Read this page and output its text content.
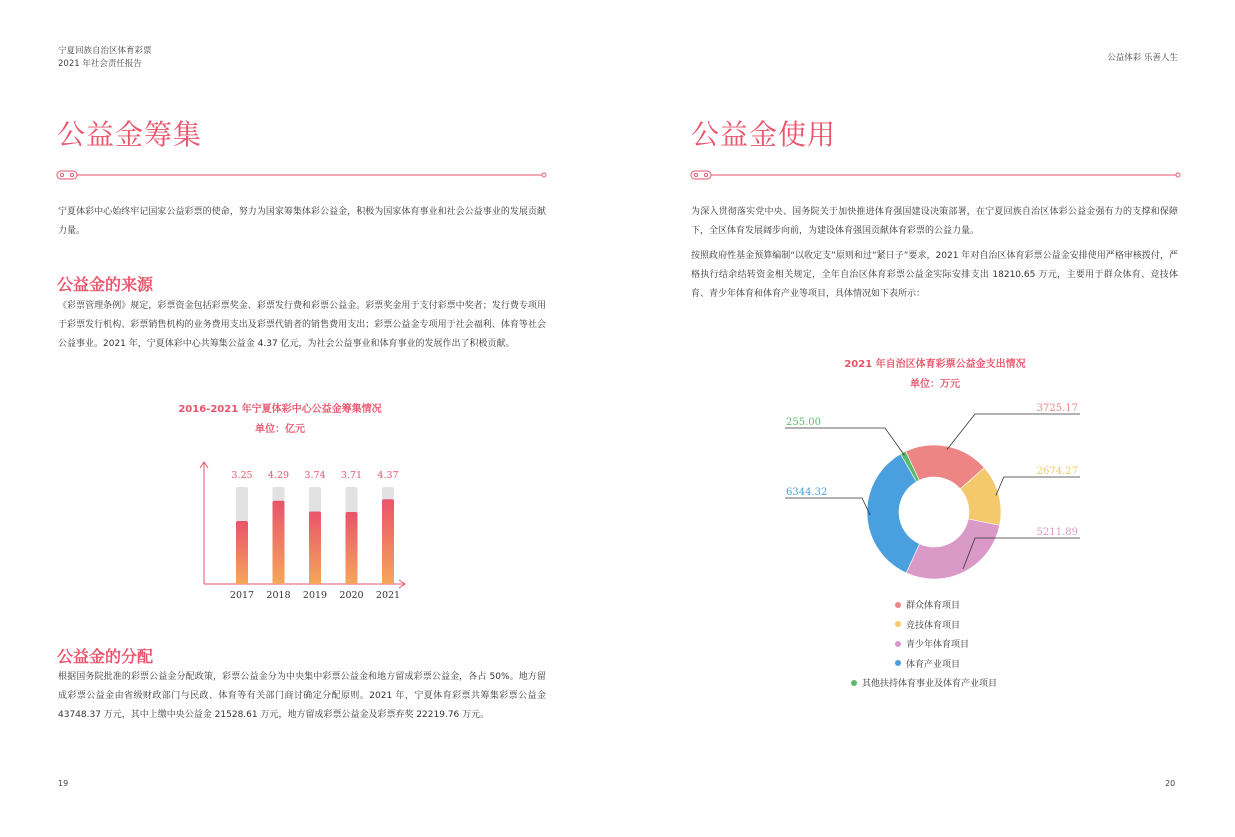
宁夏回族自治区体育彩票
2021 年社会责任报告
公益金筹集
宁夏体彩中心始终牢记国家公益彩票的使命，努力为国家筹集体彩公益金，积极为国家体育事业和社会公益事业的发展贡献力量。
公益金的来源
《彩票管理条例》规定，彩票资金包括彩票奖金、彩票发行费和彩票公益金。彩票奖金用于支付彩票中奖者；发行费专项用于彩票发行机构、彩票销售机构的业务费用支出及彩票代销者的销售费用支出；彩票公益金专项用于社会福利、体育等社会公益事业。2021 年，宁夏体彩中心共筹集公益金 4.37 亿元，为社会公益事业和体育事业的发展作出了积极贡献。
2016-2021 年宁夏体彩中心公益金筹集情况
单位：亿元
3.25
2017
4.29
2018
3.74
2019
3.71
2020
4.37
2021
公益金的分配
根据国务院批准的彩票公益金分配政策，彩票公益金分为中央集中彩票公益金和地方留成彩票公益金，各占 50%。地方留成彩票公益金由省级财政部门与民政、体育等有关部门商讨确定分配原则。2021 年，宁夏体育彩票共筹集彩票公益金 43748.37 万元，其中上缴中央公益金 21528.61 万元，地方留成彩票公益金及彩票弃奖 22219.76 万元。
19
公益体彩 乐善人生
公益金使用
为深入贯彻落实党中央、国务院关于加快推进体育强国建设决策部署，在宁夏回族自治区体彩公益金强有力的支撑和保障下，全区体育发展阔步向前，为建设体育强国贡献体育彩票的公益力量。
按照政府性基金预算编制“以收定支”原则和过“紧日子”要求，2021 年对自治区体育彩票公益金安排使用严格审核拨付，严格执行结余结转资金相关规定，全年自治区体育彩票公益金实际安排支出 18210.65 万元，主要用于群众体育、竞技体育、青少年体育和体育产业等项目，具体情况如下表所示：
2021 年自治区体育彩票公益金支出情况
单位：万元
3725.17
2674.27
5211.89
6344.32
255.00
群众体育项目
竞技体育项目
青少年体育项目
体育产业项目
其他扶持体育事业及体育产业项目
20
